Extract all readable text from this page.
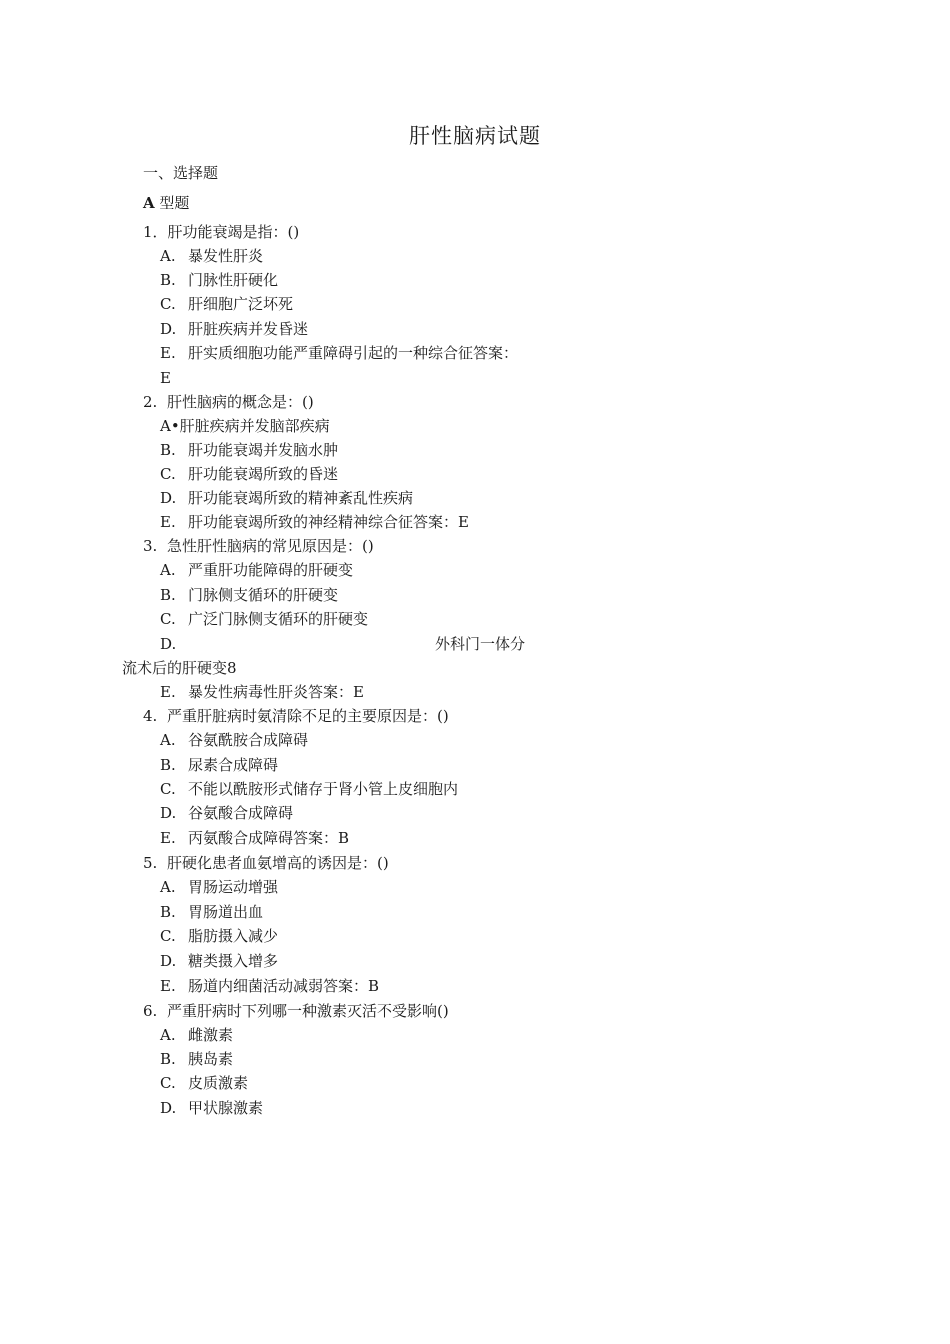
肝性脑病试题
一、选择题
A 型题
1．肝功能衰竭是指：()
A. 暴发性肝炎
B. 门脉性肝硬化
C. 肝细胞广泛坏死
D. 肝脏疾病并发昏迷
E. 肝实质细胞功能严重障碍引起的一种综合征答案：
E
2. 肝性脑病的概念是：()
A•肝脏疾病并发脑部疾病
B. 肝功能衰竭并发脑水肿
C. 肝功能衰竭所致的昏迷
D. 肝功能衰竭所致的精神紊乱性疾病
E. 肝功能衰竭所致的神经精神综合征答案：E
3. 急性肝性脑病的常见原因是：()
A. 严重肝功能障碍的肝硬变
B. 门脉侧支循环的肝硬变
C. 广泛门脉侧支循环的肝硬变
D.	外科门一体分
流术后的肝硬变8
E. 暴发性病毒性肝炎答案：E
4. 严重肝脏病时氨清除不足的主要原因是：()
A. 谷氨酰胺合成障碍
B. 尿素合成障碍
C. 不能以酰胺形式储存于肾小管上皮细胞内
D. 谷氨酸合成障碍
E. 丙氨酸合成障碍答案：B
5. 肝硬化患者血氨增高的诱因是：()
A. 胃肠运动增强
B. 胃肠道出血
C. 脂肪摄入减少
D. 糖类摄入增多
E. 肠道内细菌活动减弱答案：B
6. 严重肝病时下列哪一种激素灭活不受影响()
A. 雌激素
B. 胰岛素
C. 皮质激素
D. 甲状腺激素
